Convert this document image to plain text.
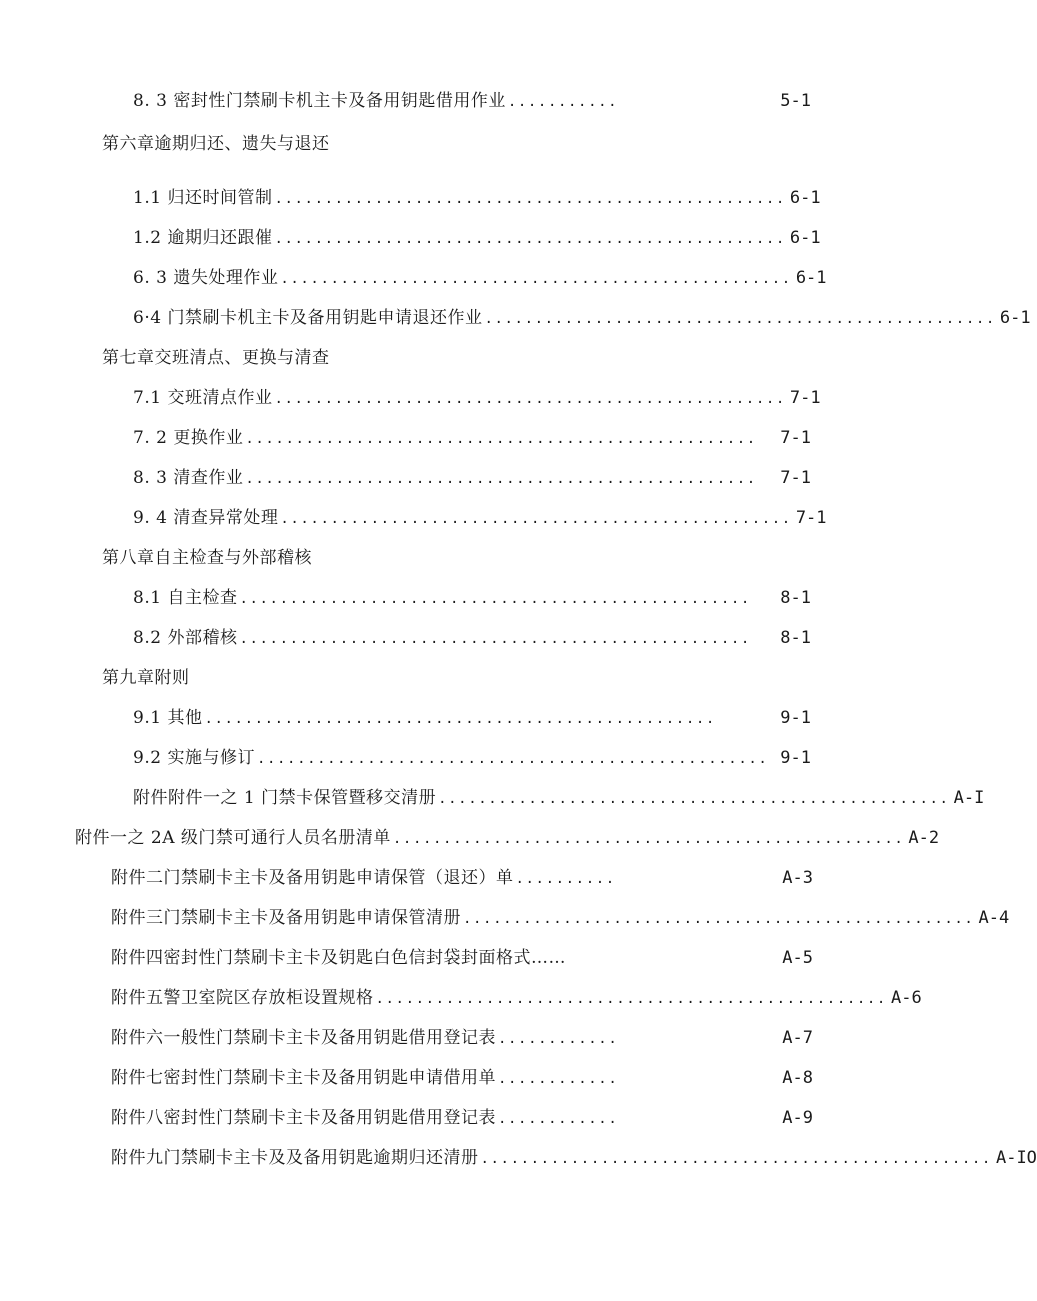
8. 3 密封性门禁刷卡机主卡及备用钥匙借用作业 ...........	5-1
第六章逾期归还、遗失与退还
1.1 归还时间管制 ................................................... 6-1
1.2 逾期归还跟催 ................................................... 6-1
6. 3 遗失处理作业 ................................................... 6-1
6·4 门禁刷卡机主卡及备用钥匙申请退还作业 ................................................... 6-1
第七章交班清点、更换与清查
7.1 交班清点作业 ................................................... 7-1
7. 2 更换作业 ...................................................	7-1
8. 3 清查作业 ...................................................	7-1
9. 4 清查异常处理 ................................................... 7-1
第八章自主检查与外部稽核
8.1 自主检查 ...................................................	8-1
8.2 外部稽核 ...................................................	8-1
第九章附则
9.1 其他 ...................................................	9-1
9.2 实施与修订 ................................................... 9-1
附件附件一之 1 门禁卡保管暨移交清册 ................................................... A-I
附件一之 2A 级门禁可通行人员名册清单 ................................................... A-2
附件二门禁刷卡主卡及备用钥匙申请保管（退还）单 ..........	A-3
附件三门禁刷卡主卡及备用钥匙申请保管清册 ................................................... A-4
附件四密封性门禁刷卡主卡及钥匙白色信封袋封面格式……	A-5
附件五警卫室院区存放柜设置规格 ................................................... A-6
附件六一般性门禁刷卡主卡及备用钥匙借用登记表 ............	A-7
附件七密封性门禁刷卡主卡及备用钥匙申请借用单 ............	A-8
附件八密封性门禁刷卡主卡及备用钥匙借用登记表 ............	A-9
附件九门禁刷卡主卡及及备用钥匙逾期归还清册 ................................................... A-IO
